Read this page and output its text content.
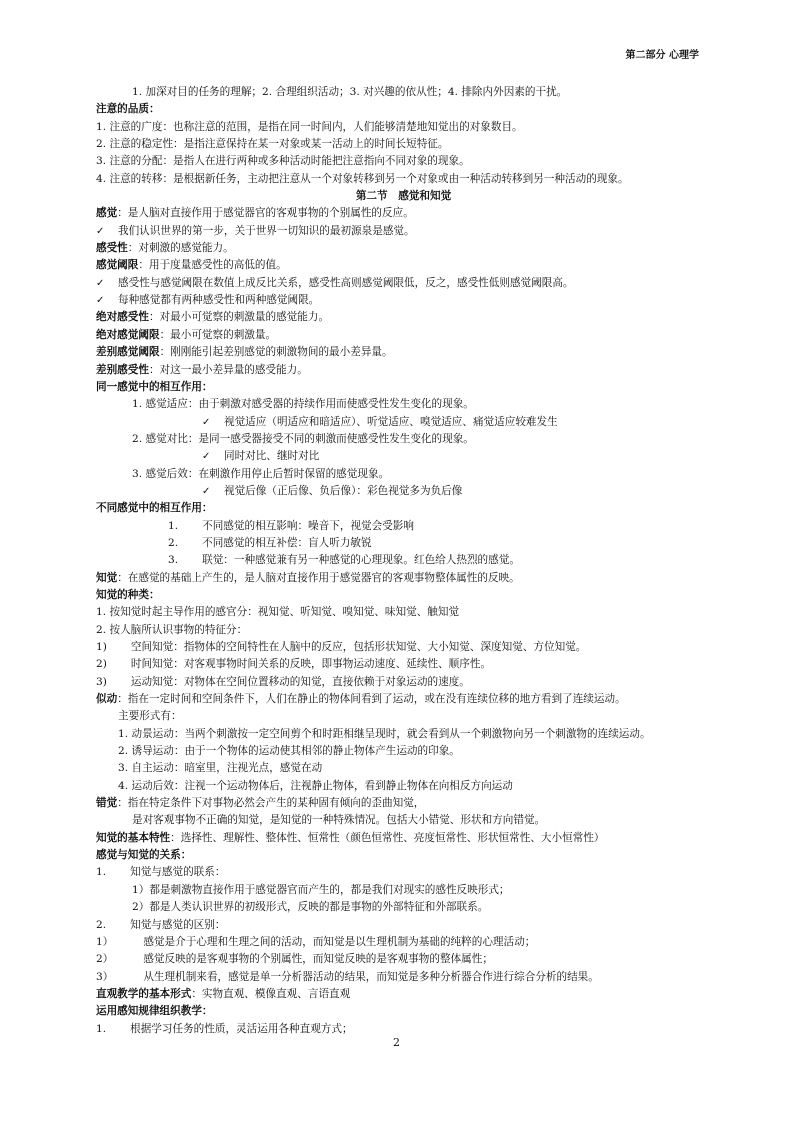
第二部分 心理学
1. 加深对目的任务的理解；2. 合理组织活动；3. 对兴趣的依从性；4. 排除内外因素的干扰。
注意的品质：
1. 注意的广度：也称注意的范围，是指在同一时间内，人们能够清楚地知觉出的对象数目。
2. 注意的稳定性：是指注意保持在某一对象或某一活动上的时间长短特征。
3. 注意的分配：是指人在进行两种或多种活动时能把注意指向不同对象的现象。
4. 注意的转移：是根据新任务，主动把注意从一个对象转移到另一个对象或由一种活动转移到另一种活动的现象。
第二节　感觉和知觉
感觉：是人脑对直接作用于感觉器官的客观事物的个别属性的反应。
✓ 我们认识世界的第一步，关于世界一切知识的最初源泉是感觉。
感受性：对刺激的感觉能力。
感觉阈限：用于度量感受性的高低的值。
✓ 感受性与感觉阈限在数值上成反比关系，感受性高则感觉阈限低，反之，感受性低则感觉阈限高。
✓ 每种感觉都有两种感受性和两种感觉阈限。
绝对感受性：对最小可觉察的刺激量的感觉能力。
绝对感觉阈限：最小可觉察的刺激量。
差别感觉阈限：刚刚能引起差别感觉的刺激物间的最小差异量。
差别感受性：对这一最小差异量的感受能力。
同一感觉中的相互作用：
1. 感觉适应：由于刺激对感受器的持续作用而使感受性发生变化的现象。
✓ 视觉适应（明适应和暗适应）、听觉适应、嗅觉适应、痛觉适应较难发生
2. 感觉对比：是同一感受器接受不同的刺激而使感受性发生变化的现象。
✓ 同时对比、继时对比
3. 感觉后效：在刺激作用停止后暂时保留的感觉现象。
✓ 视觉后像（正后像、负后像）：彩色视觉多为负后像
不同感觉中的相互作用：
1. 不同感觉的相互影响：噪音下，视觉会受影响
2. 不同感觉的相互补偿：盲人听力敏锐
3. 联觉：一种感觉兼有另一种感觉的心理现象。红色给人热烈的感觉。
知觉：在感觉的基础上产生的，是人脑对直接作用于感觉器官的客观事物整体属性的反映。
知觉的种类：
1. 按知觉时起主导作用的感官分：视知觉、听知觉、嗅知觉、味知觉、触知觉
2. 按人脑所认识事物的特征分：
1) 空间知觉：指物体的空间特性在人脑中的反应，包括形状知觉、大小知觉、深度知觉、方位知觉。
2) 时间知觉：对客观事物时间关系的反映，即事物运动速度、延续性、顺序性。
3) 运动知觉：对物体在空间位置移动的知觉，直接依赖于对象运动的速度。
似动：指在一定时间和空间条件下，人们在静止的物体间看到了运动，或在没有连续位移的地方看到了连续运动。
主要形式有：
1. 动景运动：当两个刺激按一定空间剪个和时距相继呈现时，就会看到从一个刺激物向另一个刺激物的连续运动。
2. 诱导运动：由于一个物体的运动使其相邻的静止物体产生运动的印象。
3. 自主运动：暗室里，注视光点，感觉在动
4. 运动后效：注视一个运动物体后，注视静止物体，看到静止物体在向相反方向运动
错觉：指在特定条件下对事物必然会产生的某种固有倾向的歪曲知觉，
是对客观事物不正确的知觉，是知觉的一种特殊情况。包括大小错觉、形状和方向错觉。
知觉的基本特性：选择性、理解性、整体性、恒常性（颜色恒常性、亮度恒常性、形状恒常性、大小恒常性）
感觉与知觉的关系：
1. 知觉与感觉的联系：
1）都是刺激物直接作用于感觉器官而产生的，都是我们对现实的感性反映形式；
2）都是人类认识世界的初级形式，反映的都是事物的外部特征和外部联系。
2. 知觉与感觉的区别：
1）	感觉是介于心理和生理之间的活动，而知觉是以生理机制为基础的纯粹的心理活动；
2）	感觉反映的是客观事物的个别属性，而知觉反映的是客观事物的整体属性；
3）	从生理机制来看，感觉是单一分析器活动的结果，而知觉是多种分析器合作进行综合分析的结果。
直观教学的基本形式：实物直观、模像直观、言语直观
运用感知规律组织教学：
1. 根据学习任务的性质，灵活运用各种直观方式；
2
